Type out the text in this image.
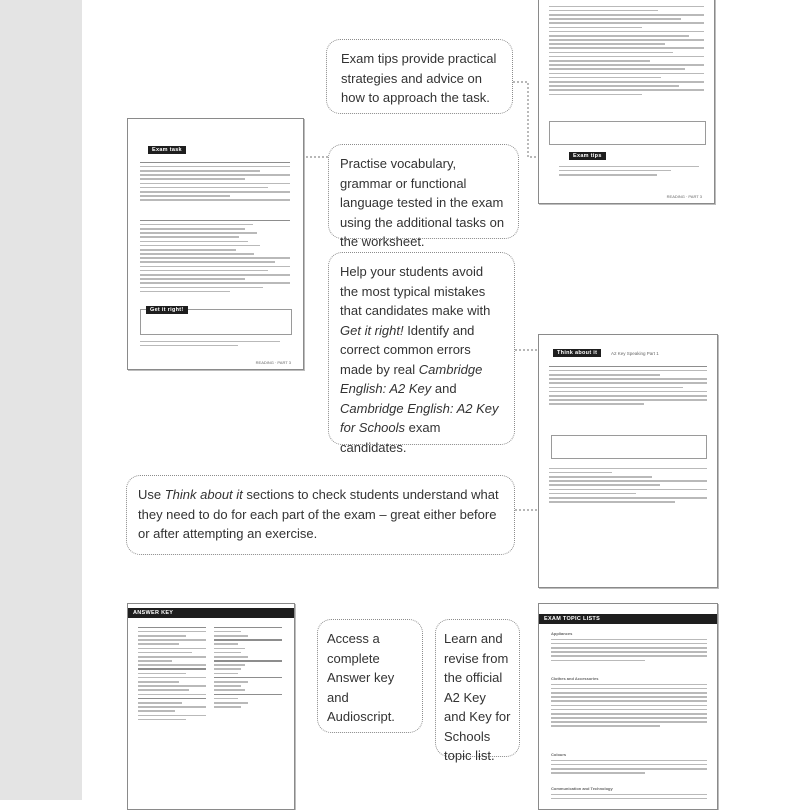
Exam tips
READING · PART 3
Exam task
Get it right!
READING · PART 3
Think about it	A2 Key Speaking Part 1
ANSWER KEY
EXAM TOPIC LISTS
Appliances
Clothes and Accessories
Colours
Communication and Technology
Exam tips provide practical strategies and advice on how to approach the task.
Practise vocabulary, grammar or functional language tested in the exam using the additional tasks on the worksheet.
Help your students avoid the most typical mistakes that candidates make with Get it right! Identify and correct common errors made by real Cambridge English: A2 Key and Cambridge English: A2 Key for Schools exam candidates.
Use Think about it sections to check students understand what they need to do for each part of the exam – great either before or after attempting an exercise.
Access a complete Answer key and Audioscript.
Learn and revise from the official A2 Key and Key for Schools topic list.
